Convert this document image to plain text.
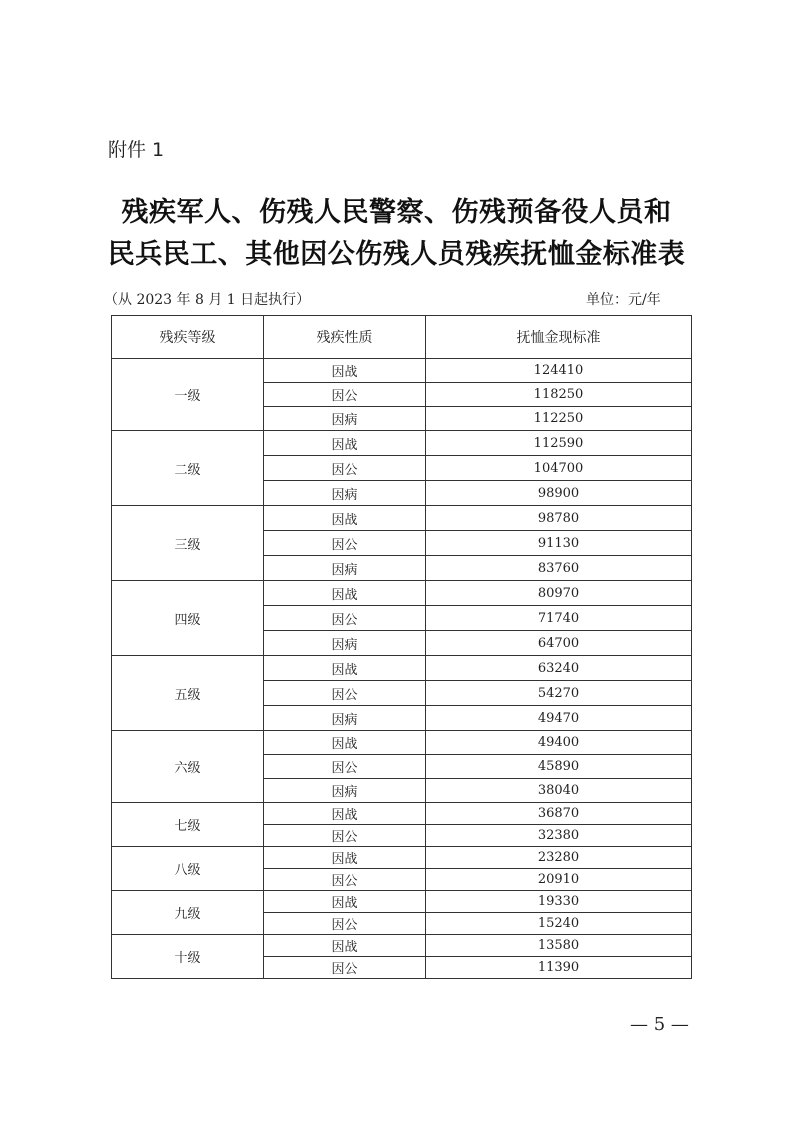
附件 1
残疾军人、伤残人民警察、伤残预备役人员和
民兵民工、其他因公伤残人员残疾抚恤金标准表
（从 2023 年 8 月 1 日起执行）	单位：元/年
残疾等级	残疾性质	抚恤金现标准
一级	因战	124410
	因公	118250
	因病	112250
二级	因战	112590
	因公	104700
	因病	98900
三级	因战	98780
	因公	91130
	因病	83760
四级	因战	80970
	因公	71740
	因病	64700
五级	因战	63240
	因公	54270
	因病	49470
六级	因战	49400
	因公	45890
	因病	38040
七级	因战	36870
	因公	32380
八级	因战	23280
	因公	20910
九级	因战	19330
	因公	15240
十级	因战	13580
	因公	11390
— 5 —
